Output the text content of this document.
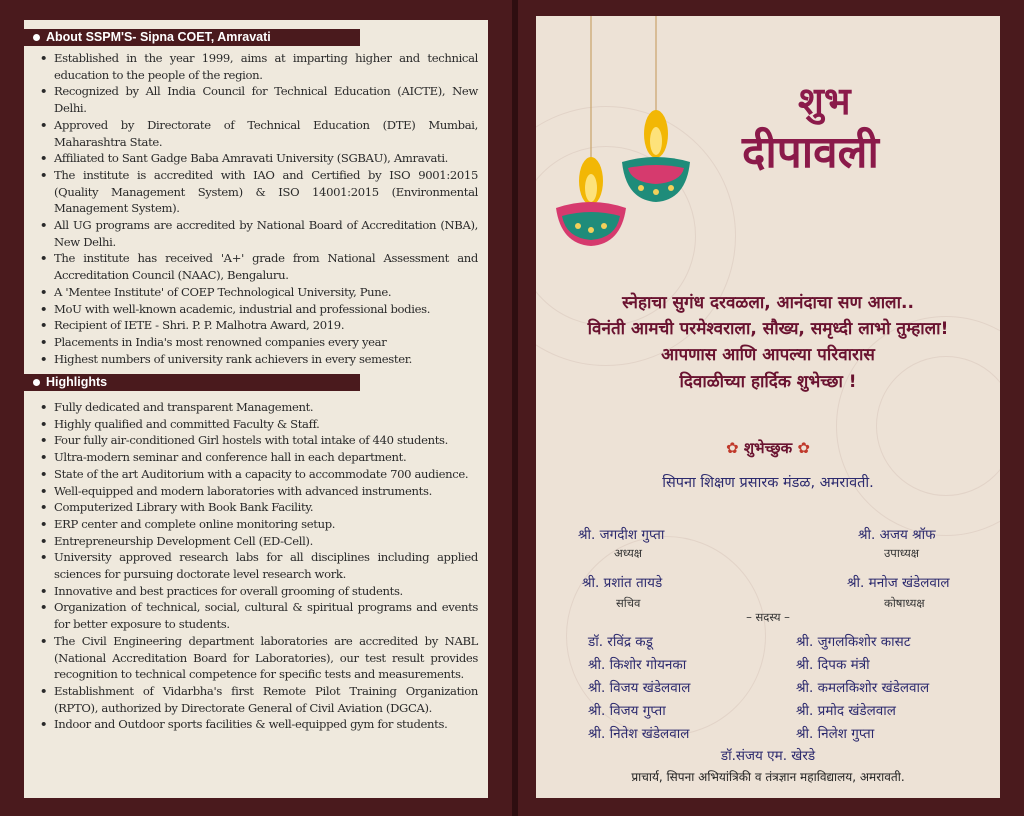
About SSPM'S- Sipna COET, Amravati
• Established in the year 1999, aims at imparting higher and technical education to the people of the region.
• Recognized by All India Council for Technical Education (AICTE), New Delhi.
• Approved by Directorate of Technical Education (DTE) Mumbai, Maharashtra State.
• Affiliated to Sant Gadge Baba Amravati University (SGBAU), Amravati.
• The institute is accredited with IAO and Certified by ISO 9001:2015 (Quality Management System) & ISO 14001:2015 (Environmental Management System).
• All UG programs are accredited by National Board of Accreditation (NBA), New Delhi.
• The institute has received 'A+' grade from National Assessment and Accreditation Council (NAAC), Bengaluru.
• A 'Mentee Institute' of COEP Technological University, Pune.
• MoU with well-known academic, industrial and professional bodies.
• Recipient of IETE - Shri. P. P. Malhotra Award, 2019.
• Placements in India's most renowned companies every year
• Highest numbers of university rank achievers in every semester.
Highlights
• Fully dedicated and transparent Management.
• Highly qualified and committed Faculty & Staff.
• Four fully air-conditioned Girl hostels with total intake of 440 students.
• Ultra-modern seminar and conference hall in each department.
• State of the art Auditorium with a capacity to accommodate 700 audience.
• Well-equipped and modern laboratories with advanced instruments.
• Computerized Library with Book Bank Facility.
• ERP center and complete online monitoring setup.
• Entrepreneurship Development Cell (ED-Cell).
• University approved research labs for all disciplines including applied sciences for pursuing doctorate level research work.
• Innovative and best practices for overall grooming of students.
• Organization of technical, social, cultural & spiritual programs and events for better exposure to students.
• The Civil Engineering department laboratories are accredited by NABL (National Accreditation Board for Laboratories), our test result provides recognition to technical competence for specific tests and measurements.
• Establishment of Vidarbha's first Remote Pilot Training Organization (RPTO), authorized by Directorate General of Civil Aviation (DGCA).
• Indoor and Outdoor sports facilities & well-equipped gym for students.
शुभ
दीपावली
स्नेहाचा सुगंध दरवळला, आनंदाचा सण आला..
विनंती आमची परमेश्वराला, सौख्य, समृध्दी लाभो तुम्हाला!
आपणास आणि आपल्या परिवारास
दिवाळीच्या हार्दिक शुभेच्छा !
✿ शुभेच्छुक ✿
सिपना शिक्षण प्रसारक मंडळ, अमरावती.
श्री. जगदीश गुप्ता
अध्यक्ष
श्री. अजय श्रॉफ
उपाध्यक्ष
श्री. प्रशांत तायडे
सचिव
श्री. मनोज खंडेलवाल
कोषाध्यक्ष
– सदस्य –
डॉ. रविंद्र कडू
श्री. किशोर गोयनका
श्री. विजय खंडेलवाल
श्री. विजय गुप्ता
श्री. नितेश खंडेलवाल
श्री. जुगलकिशोर कासट
श्री. दिपक मंत्री
श्री. कमलकिशोर खंडेलवाल
श्री. प्रमोद खंडेलवाल
श्री. निलेश गुप्ता
डॉ.संजय एम. खेरडे
प्राचार्य, सिपना अभियांत्रिकी व तंत्रज्ञान महाविद्यालय, अमरावती.
